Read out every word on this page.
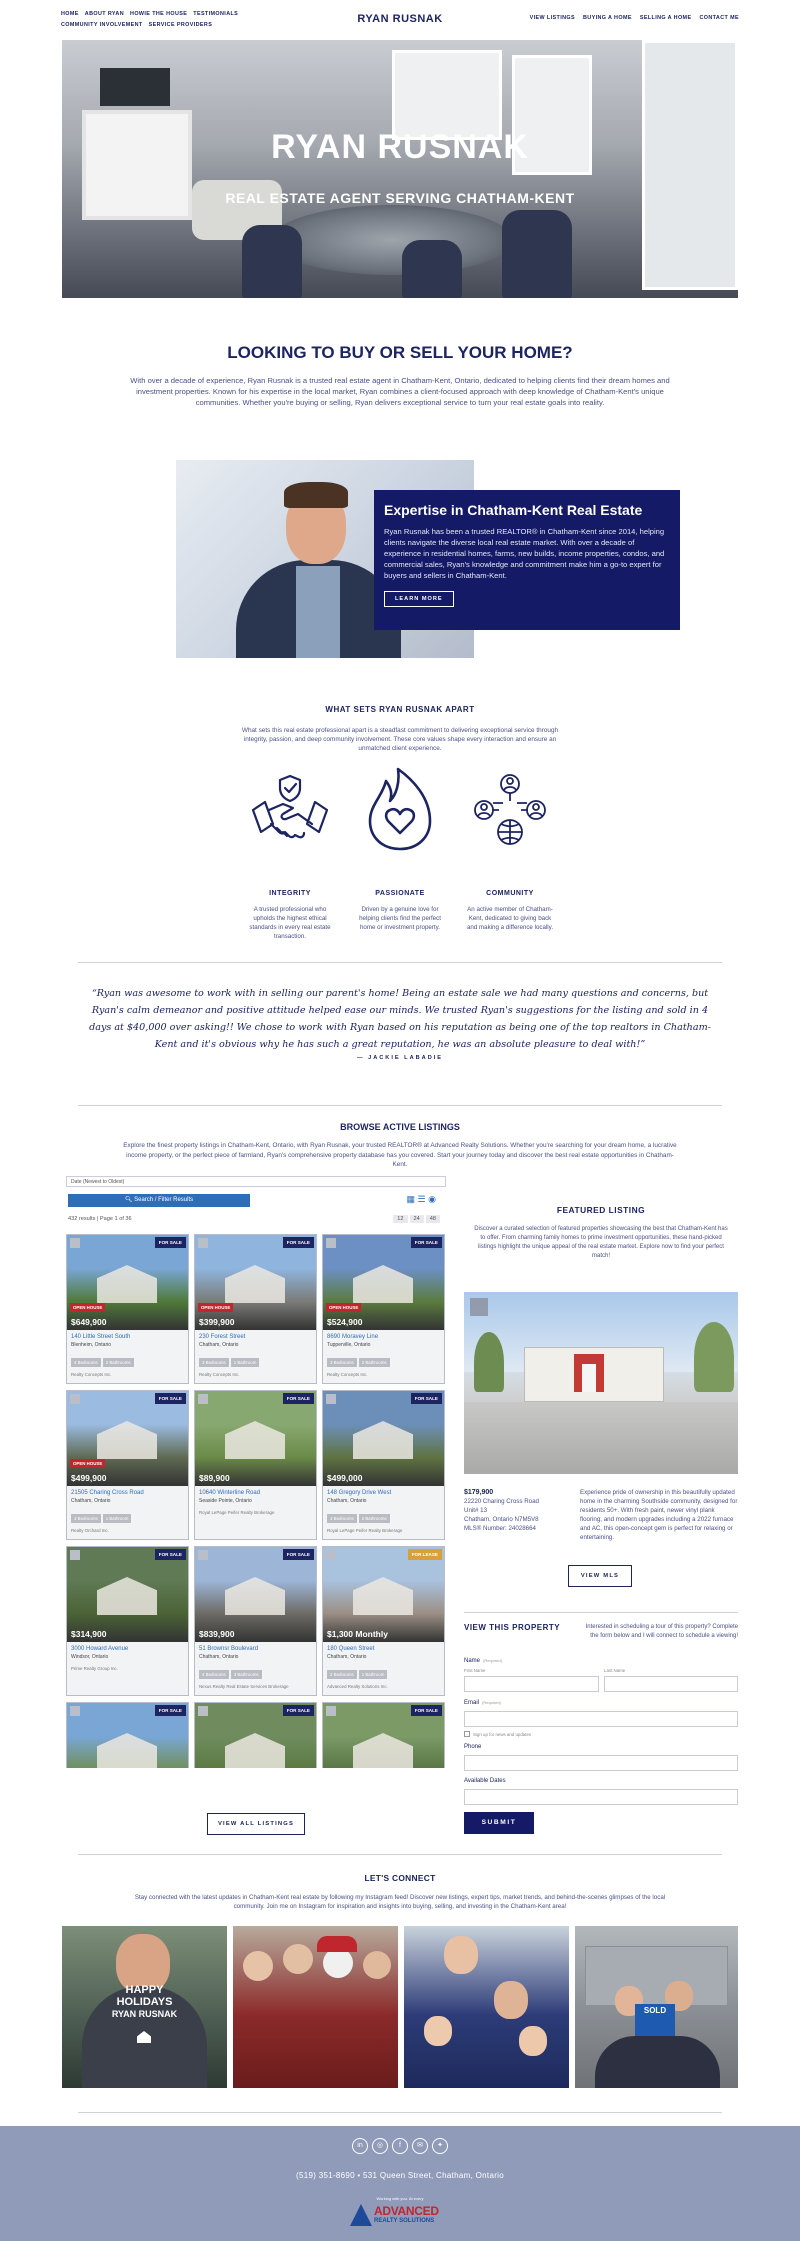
HOME ABOUT RYAN HOWIE THE HOUSE TESTIMONIALS
COMMUNITY INVOLVEMENT SERVICE PROVIDERS	RYAN RUSNAK	VIEW LISTINGS BUYING A HOME SELLING A HOME CONTACT ME
RYAN RUSNAK
REAL ESTATE AGENT SERVING CHATHAM-KENT
LOOKING TO BUY OR SELL YOUR HOME?
With over a decade of experience, Ryan Rusnak is a trusted real estate agent in Chatham-Kent, Ontario, dedicated to helping clients find their dream homes and investment properties. Known for his expertise in the local market, Ryan combines a client-focused approach with deep knowledge of Chatham-Kent's unique communities. Whether you're buying or selling, Ryan delivers exceptional service to turn your real estate goals into reality.
Expertise in Chatham-Kent Real Estate

Ryan Rusnak has been a trusted REALTOR® in Chatham-Kent since 2014, helping clients navigate the diverse local real estate market. With over a decade of experience in residential homes, farms, new builds, income properties, condos, and commercial sales, Ryan's knowledge and commitment make him a go-to expert for buyers and sellers in Chatham-Kent.

LEARN MORE
WHAT SETS RYAN RUSNAK APART
What sets this real estate professional apart is a steadfast commitment to delivering exceptional service through integrity, passion, and deep community involvement. These core values shape every interaction and ensure an unmatched client experience.
INTEGRITY

A trusted professional who upholds the highest ethical standards in every real estate transaction.

PASSIONATE

Driven by a genuine love for helping clients find the perfect home or investment property.

COMMUNITY

An active member of Chatham-Kent, dedicated to giving back and making a difference locally.

“Ryan was awesome to work with in selling our parent's home! Being an estate sale we had many questions and concerns, but Ryan's calm demeanor and positive attitude helped ease our minds. We trusted Ryan's suggestions for the listing and sold in 4 days at $40,000 over asking!! We chose to work with Ryan based on his reputation as being one of the top realtors in Chatham-Kent and it's obvious why he has such a great reputation, he was an absolute pleasure to deal with!”
— JACKIE LABADIE
BROWSE ACTIVE LISTINGS
Explore the finest property listings in Chatham-Kent, Ontario, with Ryan Rusnak, your trusted REALTOR® at Advanced Realty Solutions. Whether you're searching for your dream home, a lucrative income property, or the perfect piece of farmland, Ryan's comprehensive property database has you covered. Start your journey today and discover the best real estate opportunities in Chatham-Kent.
Date (Newest to Oldest)
🔍︎ Search / Filter Results	▦ ☰ ◉
432 results | Page 1 of 36	12 24 48
FOR SALE
OPEN HOUSE
$649,900
140 Little Street South
Blenheim, Ontario
4 Bedrooms 2 Bathrooms
Realty Concepts Inc.
FOR SALE
OPEN HOUSE
$399,900
230 Forest Street
Chatham, Ontario
3 Bedrooms 1 Bathroom
Realty Concepts Inc.
FOR SALE
OPEN HOUSE
$524,900
8690 Moravey Line
Tupperville, Ontario
3 Bedrooms 2 Bathrooms
Realty Concepts Inc.
FOR SALE
OPEN HOUSE
$499,900
21505 Charing Cross Road
Chatham, Ontario
3 Bedrooms 1 Bathroom
Realty Orchard Inc.
FOR SALE
$89,900
10640 Winterline Road
Seaside Pointe, Ontario
Royal LePage Peifer Realty Brokerage
FOR SALE
$499,000
148 Gregory Drive West
Chatham, Ontario
3 Bedrooms 2 Bathrooms
Royal LePage Peifer Realty Brokerage
FOR SALE
$314,900
3000 Howard Avenue
Windsor, Ontario
Prime Realty Group Inc.
FOR SALE
$839,900
51 Brownsr Boulevard
Chatham, Ontario
4 Bedrooms 3 Bathrooms
Nexus Realty Real Estate Services Brokerage
FOR LEASE
$1,300 Monthly
180 Queen Street
Chatham, Ontario
2 Bedrooms 1 Bathroom
Advanced Realty Solutions Inc.
FOR SALE	FOR SALE	FOR SALE
VIEW ALL LISTINGS
FEATURED LISTING
Discover a curated selection of featured properties showcasing the best that Chatham-Kent has to offer. From charming family homes to prime investment opportunities, these hand-picked listings highlight the unique appeal of the real estate market. Explore now to find your perfect match!
$179,900
22220 Charing Cross Road
Unit# 13
Chatham, Ontario N7M5V8
MLS® Number: 24028664
Experience pride of ownership in this beautifully updated home in the charming Southside community, designed for residents 50+. With fresh paint, newer vinyl plank flooring, and modern upgrades including a 2022 furnace and AC, this open-concept gem is perfect for relaxing or entertaining.
VIEW MLS
VIEW THIS PROPERTY	Interested in scheduling a tour of this property? Complete the form below and I will connect to schedule a viewing!
Name (Required)
First Name	Last Name
Email (Required)
Sign up for news and updates
Phone
Available Dates
SUBMIT
LET'S CONNECT
Stay connected with the latest updates in Chatham-Kent real estate by following my Instagram feed! Discover new listings, expert tips, market trends, and behind-the-scenes glimpses of the local community. Join me on Instagram for inspiration and insights into buying, selling, and investing in the Chatham-Kent area!
HAPPY
HOLIDAYS
RYAN RUSNAK	SOLD
in ◎ f ✉ ✦
(519) 351-8690 • 531 Queen Street, Chatham, Ontario
Working with you. At every
ADVANCED
REALTY SOLUTIONS
